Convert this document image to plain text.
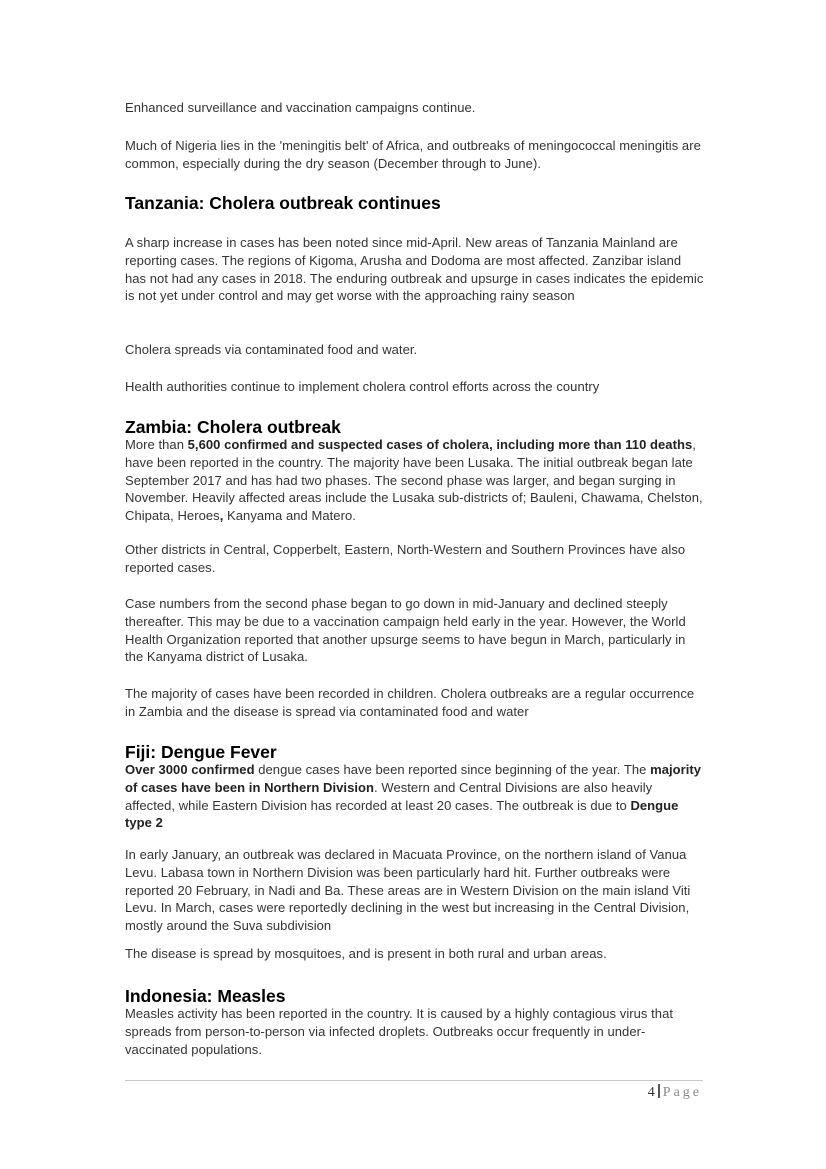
Enhanced surveillance and vaccination campaigns continue.

Much of Nigeria lies in the 'meningitis belt' of Africa, and outbreaks of meningococcal meningitis are common, especially during the dry season (December through to June).

Tanzania: Cholera outbreak continues

A sharp increase in cases has been noted since mid-April. New areas of Tanzania Mainland are reporting cases. The regions of Kigoma, Arusha and Dodoma are most affected. Zanzibar island has not had any cases in 2018. The enduring outbreak and upsurge in cases indicates the epidemic is not yet under control and may get worse with the approaching rainy season

Cholera spreads via contaminated food and water.

Health authorities continue to implement cholera control efforts across the country

Zambia: Cholera outbreak

More than 5,600 confirmed and suspected cases of cholera, including more than 110 deaths, have been reported in the country. The majority have been Lusaka. The initial outbreak began late September 2017 and has had two phases. The second phase was larger, and began surging in November. Heavily affected areas include the Lusaka sub-districts of; Bauleni, Chawama, Chelston, Chipata, Heroes, Kanyama and Matero.

Other districts in Central, Copperbelt, Eastern, North-Western and Southern Provinces have also reported cases.

Case numbers from the second phase began to go down in mid-January and declined steeply thereafter. This may be due to a vaccination campaign held early in the year. However, the World Health Organization reported that another upsurge seems to have begun in March, particularly in the Kanyama district of Lusaka.

The majority of cases have been recorded in children. Cholera outbreaks are a regular occurrence in Zambia and the disease is spread via contaminated food and water

Fiji: Dengue Fever

Over 3000 confirmed dengue cases have been reported since beginning of the year. The majority of cases have been in Northern Division. Western and Central Divisions are also heavily affected, while Eastern Division has recorded at least 20 cases. The outbreak is due to Dengue type 2

In early January, an outbreak was declared in Macuata Province, on the northern island of Vanua Levu. Labasa town in Northern Division was been particularly hard hit. Further outbreaks were reported 20 February, in Nadi and Ba. These areas are in Western Division on the main island Viti Levu. In March, cases were reportedly declining in the west but increasing in the Central Division, mostly around the Suva subdivision

The disease is spread by mosquitoes, and is present in both rural and urban areas.

Indonesia: Measles

Measles activity has been reported in the country. It is caused by a highly contagious virus that spreads from person-to-person via infected droplets. Outbreaks occur frequently in under-vaccinated populations.

4 Page
